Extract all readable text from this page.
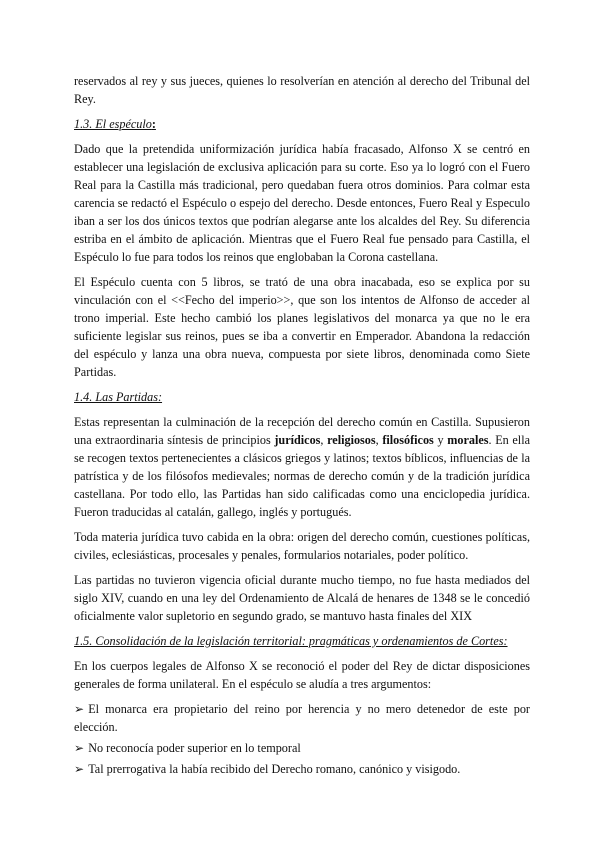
reservados al rey y sus jueces, quienes lo resolverían en atención al derecho del Tribunal del Rey.

1.3. El espéculo:

Dado que la pretendida uniformización jurídica había fracasado, Alfonso X se centró en establecer una legislación de exclusiva aplicación para su corte. Eso ya lo logró con el Fuero Real para la Castilla más tradicional, pero quedaban fuera otros dominios. Para colmar esta carencia se redactó el Espéculo o espejo del derecho. Desde entonces, Fuero Real y Especulo iban a ser los dos únicos textos que podrían alegarse ante los alcaldes del Rey. Su diferencia estriba en el ámbito de aplicación. Mientras que el Fuero Real fue pensado para Castilla, el Espéculo lo fue para todos los reinos que englobaban la Corona castellana.

El Espéculo cuenta con 5 libros, se trató de una obra inacabada, eso se explica por su vinculación con el <<Fecho del imperio>>, que son los intentos de Alfonso de acceder al trono imperial. Este hecho cambió los planes legislativos del monarca ya que no le era suficiente legislar sus reinos, pues se iba a convertir en Emperador. Abandona la redacción del espéculo y lanza una obra nueva, compuesta por siete libros, denominada como Siete Partidas.

1.4. Las Partidas:

Estas representan la culminación de la recepción del derecho común en Castilla. Supusieron una extraordinaria síntesis de principios jurídicos, religiosos, filosóficos y morales. En ella se recogen textos pertenecientes a clásicos griegos y latinos; textos bíblicos, influencias de la patrística y de los filósofos medievales; normas de derecho común y de la tradición jurídica castellana. Por todo ello, las Partidas han sido calificadas como una enciclopedia jurídica. Fueron traducidas al catalán, gallego, inglés y portugués.

Toda materia jurídica tuvo cabida en la obra: origen del derecho común, cuestiones políticas, civiles, eclesiásticas, procesales y penales, formularios notariales, poder político.

Las partidas no tuvieron vigencia oficial durante mucho tiempo, no fue hasta mediados del siglo XIV, cuando en una ley del Ordenamiento de Alcalá de henares de 1348 se le concedió oficialmente valor supletorio en segundo grado, se mantuvo hasta finales del XIX

1.5. Consolidación de la legislación territorial: pragmáticas y ordenamientos de Cortes:

En los cuerpos legales de Alfonso X se reconoció el poder del Rey de dictar disposiciones generales de forma unilateral. En el espéculo se aludía a tres argumentos:

➢ El monarca era propietario del reino por herencia y no mero detenedor de este por elección.

➢ No reconocía poder superior en lo temporal

➢ Tal prerrogativa la había recibido del Derecho romano, canónico y visigodo.
